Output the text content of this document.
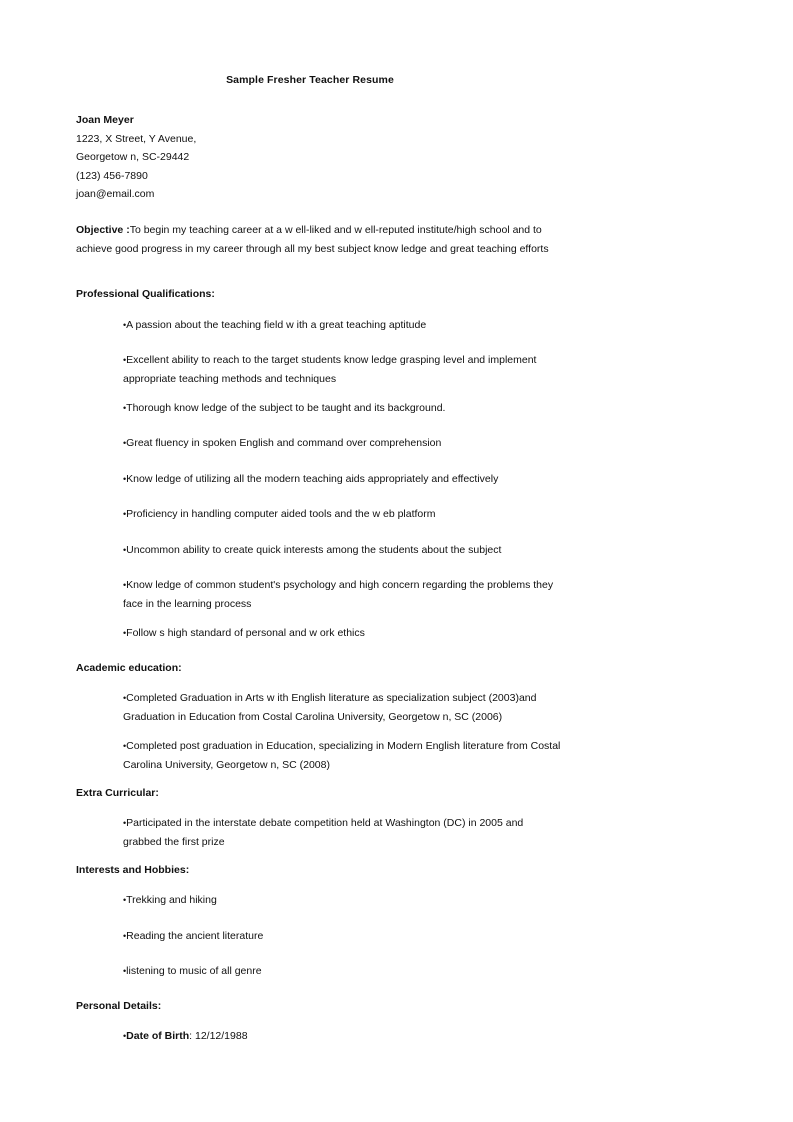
Sample Fresher Teacher Resume
Joan Meyer
1223, X Street, Y Avenue,
Georgetow n, SC-29442
(123) 456-7890
joan@email.com
Objective :To begin my teaching career at a w ell-liked and w ell-reputed institute/high school and to achieve good progress in my career through all my best subject know ledge and great teaching efforts
Professional Qualifications:
•A passion about the teaching field w ith a great teaching aptitude
•Excellent ability to reach to the target students know ledge grasping level and implement appropriate teaching methods and techniques
•Thorough know ledge of the subject to be taught and its background.
•Great fluency in spoken English and command over comprehension
•Know ledge of utilizing all the modern teaching aids appropriately and effectively
•Proficiency in handling computer aided tools and the w eb platform
•Uncommon ability to create quick interests among the students about the subject
•Know ledge of common student's psychology and high concern regarding the problems they face in the learning process
•Follow s high standard of personal and w ork ethics
Academic education:
•Completed Graduation in Arts w ith English literature as specialization subject (2003)and Graduation in Education from Costal Carolina University, Georgetow n, SC (2006)
•Completed post graduation in Education, specializing in Modern English literature from Costal Carolina University, Georgetow n, SC (2008)
Extra Curricular:
•Participated in the interstate debate competition held at Washington (DC) in 2005 and grabbed the first prize
Interests and Hobbies:
•Trekking and hiking
•Reading the ancient literature
•listening to music of all genre
Personal Details:
•Date of Birth: 12/12/1988
